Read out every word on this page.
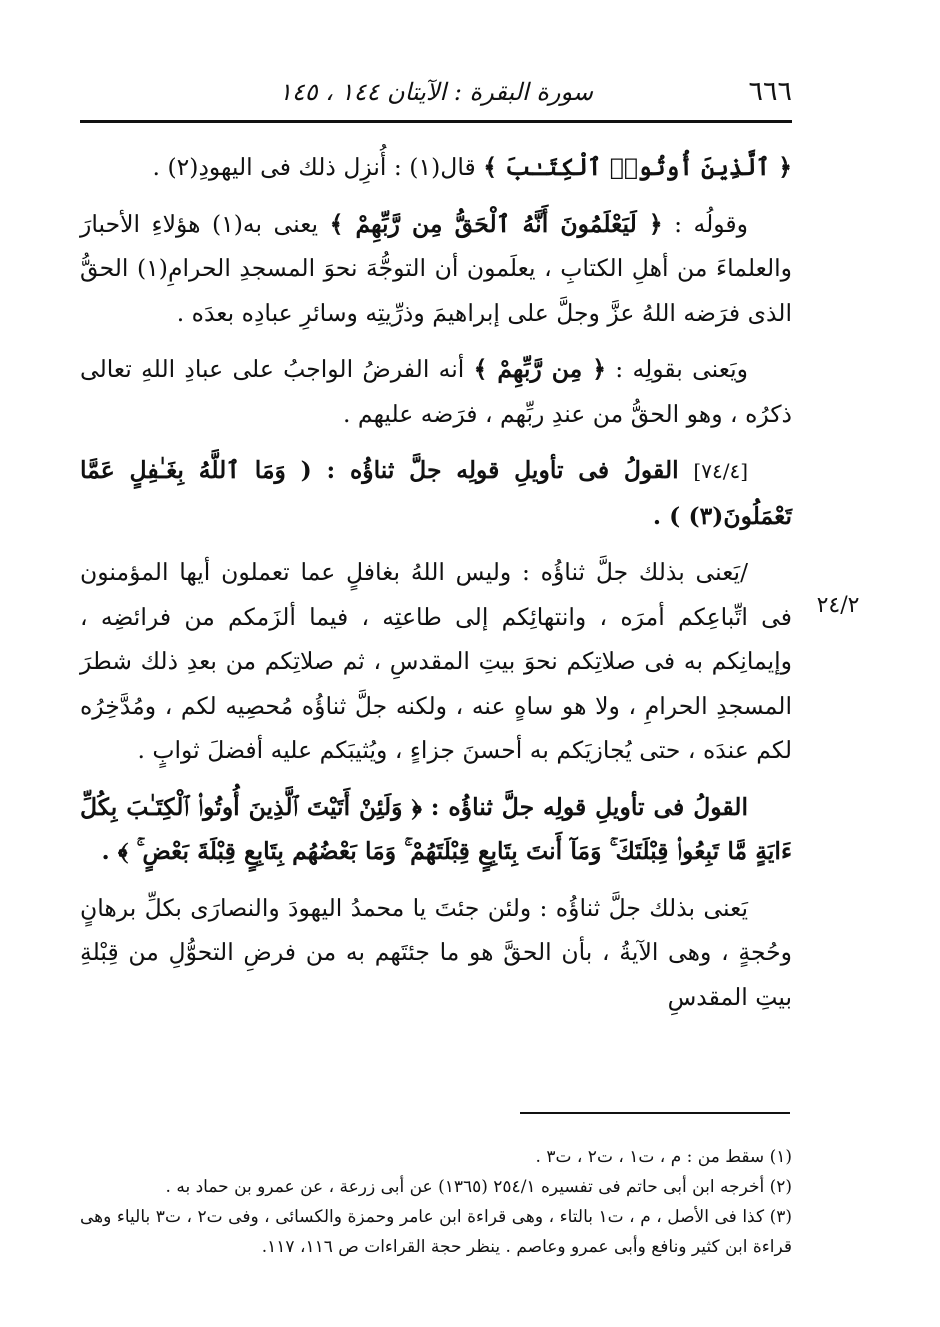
٦٦٦
سورة البقرة : الآيتان ١٤٤ ، ١٤٥
٢٤/٢

﴿ ٱلَّذِينَ أُوتُوا۟ ٱلْكِتَـٰبَ ﴾ قال(١) : أُنزِل ذلك فى اليهودِ(٢) .

وقولُه : ﴿ لَيَعْلَمُونَ أَنَّهُ ٱلْحَقُّ مِن رَّبِّهِمْ ﴾ يعنى به(١) هؤلاءِ الأحبارَ والعلماءَ من أهلِ الكتابِ ، يعلَمون أن التوجُّهَ نحوَ المسجدِ الحرامِ(١) الحقُّ الذى فرَضه اللهُ عزَّ وجلَّ على إبراهيمَ وذرِّيتِه وسائرِ عبادِه بعدَه .

ويَعنى بقولِه : ﴿ مِن رَّبِّهِمْ ﴾ أنه الفرضُ الواجبُ على عبادِ اللهِ تعالى ذكرُه ، وهو الحقُّ من عندِ ربِّهم ، فرَضه عليهم .

[٧٤/٤] القولُ فى تأويلِ قولِه جلَّ ثناؤُه : ( وَمَا ٱللَّهُ بِغَـٰفِلٍ عَمَّا تَعْمَلُونَ(٣) ) .

/يَعنى بذلك جلَّ ثناؤُه : وليس اللهُ بغافلٍ عما تعملون أيها المؤمنون فى اتِّباعِكم أمرَه ، وانتهائِكم إلى طاعتِه ، فيما ألزَمكم من فرائضِه ، وإيمانِكم به فى صلاتِكم نحوَ بيتِ المقدسِ ، ثم صلاتِكم من بعدِ ذلك شطرَ المسجدِ الحرامِ ، ولا هو ساهٍ عنه ، ولكنه جلَّ ثناؤُه مُحصِيه لكم ، ومُدَّخِرُه لكم عندَه ، حتى يُجازيَكم به أحسنَ جزاءٍ ، ويُثيبَكم عليه أفضلَ ثوابٍ .

القولُ فى تأويلِ قولِه جلَّ ثناؤُه : ﴿ وَلَئِنْ أَتَيْتَ ٱلَّذِينَ أُوتُوا۟ ٱلْكِتَـٰبَ بِكُلِّ ءَايَةٍ مَّا تَبِعُوا۟ قِبْلَتَكَ ۚ وَمَآ أَنتَ بِتَابِعٍ قِبْلَتَهُمْ ۚ وَمَا بَعْضُهُم بِتَابِعٍ قِبْلَةَ بَعْضٍ ۚ ﴾ .

يَعنى بذلك جلَّ ثناؤُه : ولئن جئتَ يا محمدُ اليهودَ والنصارَى بكلِّ برهانٍ وحُجةٍ ، وهى الآيةُ ، بأن الحقَّ هو ما جئتَهم به من فرضِ التحوُّلِ من قِبْلةِ بيتِ المقدسِ

(١) سقط من : م ، ت١ ، ت٢ ، ت٣ .

(٢) أخرجه ابن أبى حاتم فى تفسيره ٢٥٤/١ (١٣٦٥) عن أبى زرعة ، عن عمرو بن حماد به .

(٣) كذا فى الأصل ، م ، ت١ بالتاء ، وهى قراءة ابن عامر وحمزة والكسائى ، وفى ت٢ ، ت٣ بالياء وهى قراءة ابن كثير ونافع وأبى عمرو وعاصم . ينظر حجة القراءات ص ١١٦، ١١٧.
